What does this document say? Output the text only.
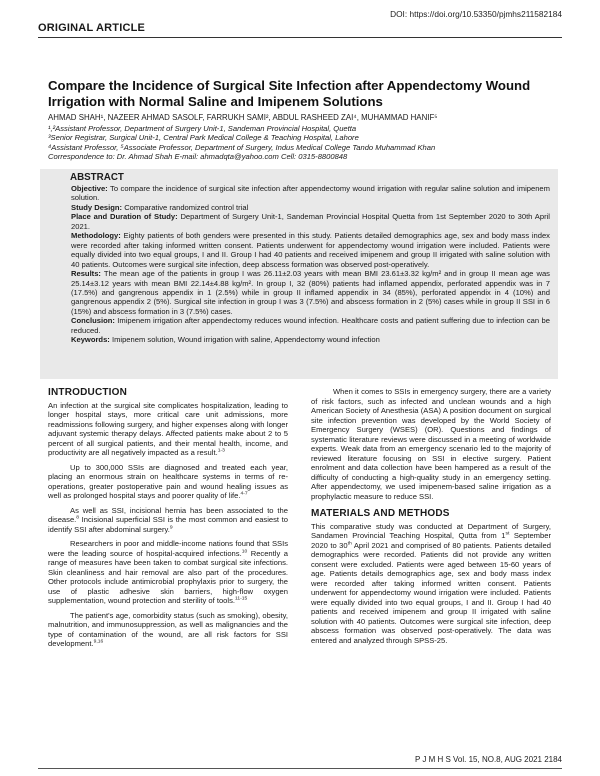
DOI: https://doi.org/10.53350/pjmhs211582184
ORIGINAL ARTICLE
Compare the Incidence of Surgical Site Infection after Appendectomy Wound Irrigation with Normal Saline and Imipenem Solutions
AHMAD SHAH¹, NAZEER AHMAD SASOLF, FARRUKH SAMI², ABDUL RASHEED ZAI⁴, MUHAMMAD HANIF⁵
¹,²Assistant Professor, Department of Surgery Unit-1, Sandeman Provincial Hospital, Quetta
³Senior Registrar, Surgical Unit-1, Central Park Medical College & Teaching Hospital, Lahore
⁴Assistant Professor, ⁵Associate Professor, Department of Surgery, Indus Medical College Tando Muhammad Khan
Correspondence to: Dr. Ahmad Shah E-mail: ahmadqta@yahoo.com Cell: 0315-8800848
ABSTRACT

Objective: To compare the incidence of surgical site infection after appendectomy wound irrigation with regular saline solution and imipenem solution.

Study Design: Comparative randomized control trial

Place and Duration of Study: Department of Surgery Unit-1, Sandeman Provincial Hospital Quetta from 1st September 2020 to 30th April 2021.

Methodology: Eighty patients of both genders were presented in this study. Patients detailed demographics age, sex and body mass index were recorded after taking informed written consent. Patients underwent for appendectomy wound irrigation were included. Patients were equally divided into two equal groups, I and II. Group I had 40 patients and received imipenem and group II irrigated with saline solution with 40 patients. Outcomes were surgical site infection, deep abscess formation was observed post-operatively.

Results: The mean age of the patients in group I was 26.11±2.03 years with mean BMI 23.61±3.32 kg/m² and in group II mean age was 25.14±3.12 years with mean BMI 22.14±4.88 kg/m². In group I, 32 (80%) patients had inflamed appendix, perforated appendix was in 7 (17.5%) and gangrenous appendix in 1 (2.5%) while in group II inflamed appendix in 34 (85%), perforated appendix in 4 (10%) and gangrenous appendix 2 (5%). Surgical site infection in group I was 3 (7.5%) and abscess formation in 2 (5%) cases while in group II SSI in 6 (15%) and abscess formation in 3 (7.5%) cases.

Conclusion: Imipenem irrigation after appendectomy reduces wound infection. Healthcare costs and patient suffering due to infection can be reduced.

Keywords: Imipenem solution, Wound irrigation with saline, Appendectomy wound infection

INTRODUCTION

An infection at the surgical site complicates hospitalization, leading to longer hospital stays, more critical care unit admissions, more readmissions following surgery, and higher expenses along with longer adjuvant systemic therapy delays. Affected patients make about 2 to 5 percent of all surgical patients, and their mental health, income, and productivity are all negatively impacted as a result.$^{1-3}$

Up to 300,000 SSIs are diagnosed and treated each year, placing an enormous strain on healthcare systems in terms of re-operations, greater postoperative pain and wound healing issues as well as prolonged hospital stays and poorer quality of life.$^{4-7}$

As well as SSI, incisional hernia has been associated to the disease.$^8$ Incisional superficial SSI is the most common and easiest to identify SSI after abdominal surgery.$^9$

Researchers in poor and middle-income nations found that SSIs were the leading source of hospital-acquired infections.$^{10}$ Recently a range of measures have been taken to combat surgical site infections. Skin cleanliness and hair removal are also part of the procedures. Other protocols include antimicrobial prophylaxis prior to surgery, the use of plastic adhesive skin barriers, high-flow oxygen supplementation, wound protection and sterility of tools.$^{11-15}$

The patient's age, comorbidity status (such as smoking), obesity, malnutrition, and immunosuppression, as well as malignancies and the type of contamination of the wound, are all risk factors for SSI development.$^{9,16}$

When it comes to SSIs in emergency surgery, there are a variety of risk factors, such as infected and unclean wounds and a high American Society of Anesthesia (ASA) A position document on surgical site infection prevention was developed by the World Society of Emergency Surgery (WSES) (OR). Questions and findings of systematic literature reviews were discussed in a meeting of worldwide experts. Weak data from an emergency scenario led to the majority of reviewed literature focusing on SSI in elective surgery. Patient enrolment and data collection have been hampered as a result of the difficulty of conducting a high-quality study in an emergency setting. After appendectomy, we used imipenem-based saline irrigation as a prophylactic measure to reduce SSI.

MATERIALS AND METHODS

This comparative study was conducted at Department of Surgery, Sandamen Provincial Teaching Hospital, Qutta from 1st September 2020 to 30th April 2021 and comprised of 80 patients. Patients detailed demographics were recorded. Patients did not provide any written consent were excluded. Patients were aged between 15-60 years of age. Patients details demographics age, sex and body mass index were recorded after taking informed written consent. Patients underwent for appendectomy wound irrigation were included. Patients were equally divided into two equal groups, I and II. Group I had 40 patients and received imipenem and group II irrigated with saline solution with 40 patients. Outcomes were surgical site infection, deep abscess formation was observed post-operatively. The data was entered and analyzed through SPSS-25.

P J M H S Vol. 15, NO.8, AUG 2021 2184
